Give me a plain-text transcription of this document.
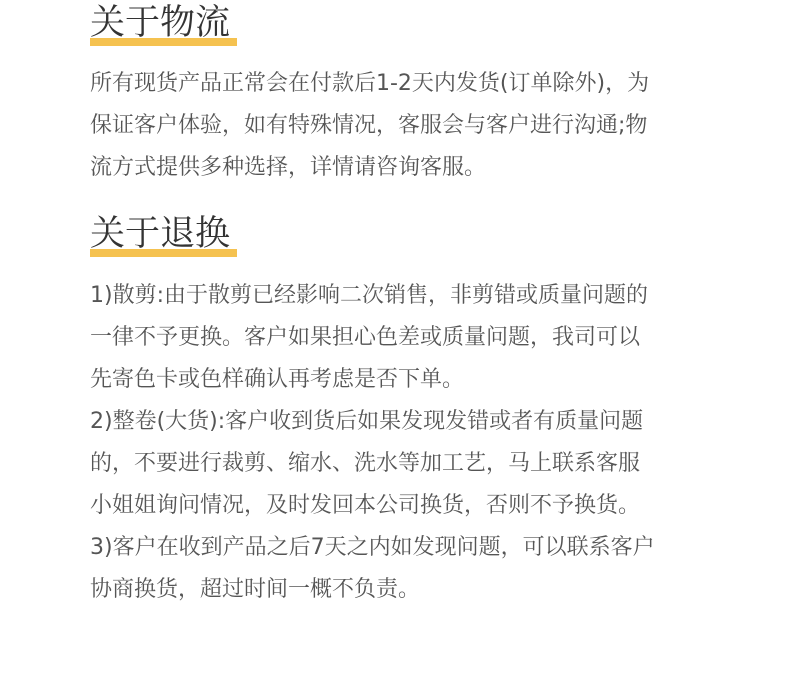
关于物流
所有现货产品正常会在付款后1-2天内发货(订单除外)，为
保证客户体验，如有特殊情况，客服会与客户进行沟通;物
流方式提供多种选择，详情请咨询客服。
关于退换
1)散剪:由于散剪已经影响二次销售，非剪错或质量问题的
一律不予更换。客户如果担心色差或质量问题，我司可以
先寄色卡或色样确认再考虑是否下单。
2)整卷(大货):客户收到货后如果发现发错或者有质量问题
的，不要进行裁剪、缩水、洗水等加工艺，马上联系客服
小姐姐询问情况，及时发回本公司换货，否则不予换货。
3)客户在收到产品之后7天之内如发现问题，可以联系客户
协商换货，超过时间一概不负责。
